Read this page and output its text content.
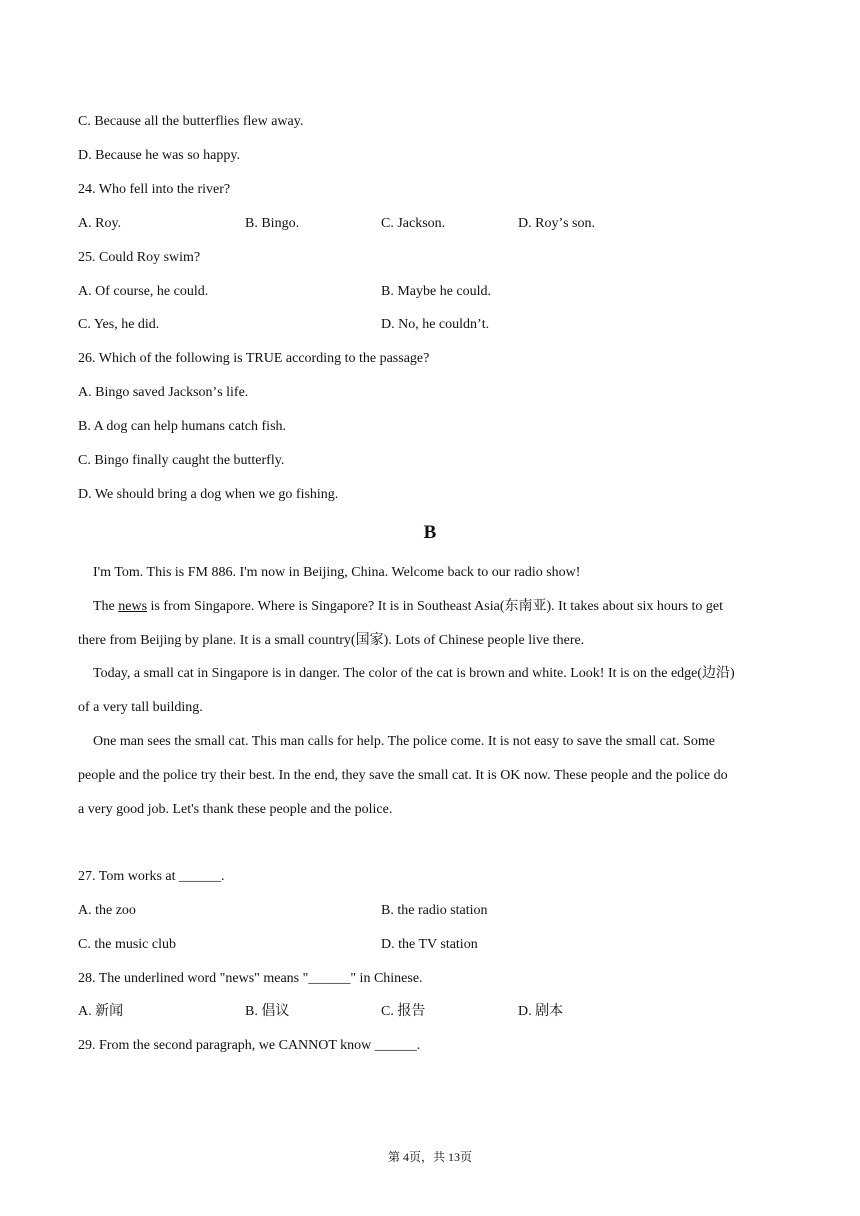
C. Because all the butterflies flew away.
D. Because he was so happy.
24. Who fell into the river?
A. Roy.	B. Bingo.	C. Jackson.	D. Royʼs son.
25. Could Roy swim?
A. Of course, he could.	B. Maybe he could.
C. Yes, he did.	D. No, he couldnʼt.
26. Which of the following is TRUE according to the passage?
A. Bingo saved Jacksonʼs life.
B. A dog can help humans catch fish.
C. Bingo finally caught the butterfly.
D. We should bring a dog when we go fishing.
B
I'm Tom. This is FM 886. I'm now in Beijing, China. Welcome back to our radio show!
The news is from Singapore. Where is Singapore? It is in Southeast Asia(东南亚). It takes about six hours to get
there from Beijing by plane. It is a small country(国家). Lots of Chinese people live there.
Today, a small cat in Singapore is in danger. The color of the cat is brown and white. Look! It is on the edge(边沿)
of a very tall building.
One man sees the small cat. This man calls for help. The police come. It is not easy to save the small cat. Some
people and the police try their best. In the end, they save the small cat. It is OK now. These people and the police do
a very good job. Let's thank these people and the police.
27. Tom works at ______.
A. the zoo	B. the radio station
C. the music club	D. the TV station
28. The underlined word "news" means "______" in Chinese.
A. 新闻	B. 倡议	C. 报告	D. 剧本
29. From the second paragraph, we CANNOT know ______.
第 4页，共 13页
